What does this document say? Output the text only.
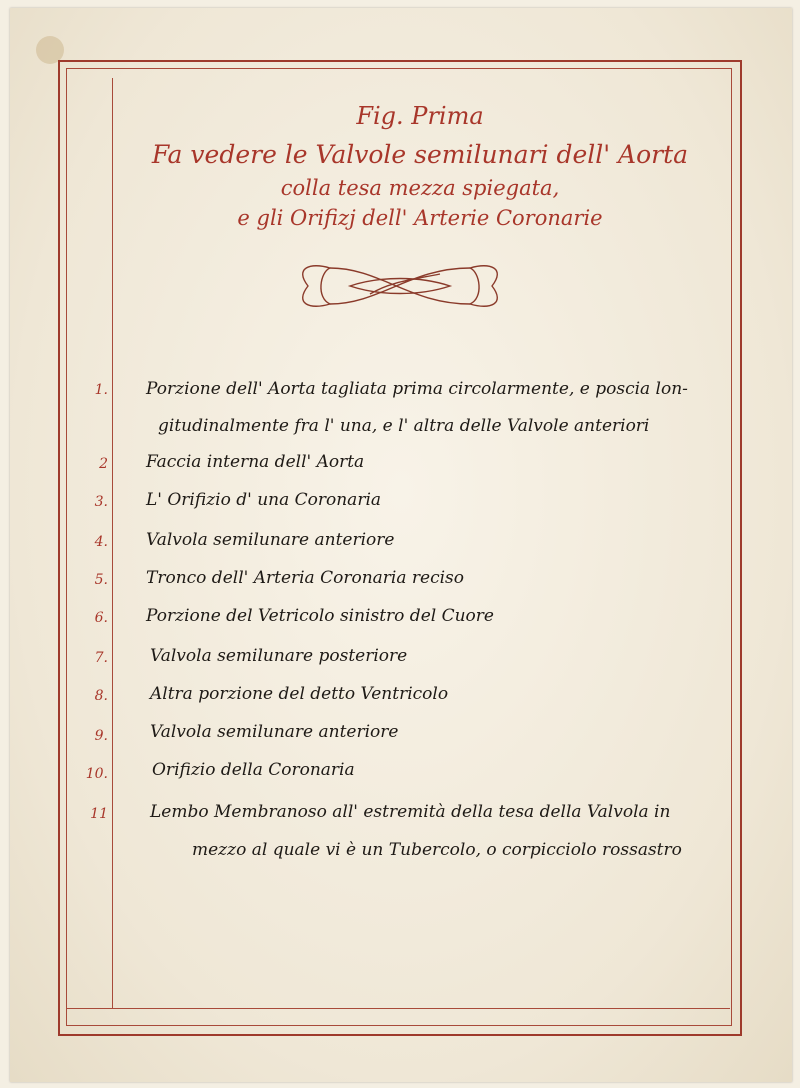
Fig. Prima
Fa vedere le Valvole semilunari dell' Aorta
colla tesa mezza spiegata,
e gli Orifizj dell' Arterie Coronarie
1. Porzione dell' Aorta tagliata prima circolarmente, e poscia lon-
gitudinalmente fra l' una, e l' altra delle Valvole anteriori
2 Faccia interna dell' Aorta
3. L' Orifizio d' una Coronaria
4. Valvola semilunare anteriore
5. Tronco dell' Arteria Coronaria reciso
6. Porzione del Vetricolo sinistro del Cuore
7. Valvola semilunare posteriore
8. Altra porzione del detto Ventricolo
9. Valvola semilunare anteriore
10.	Orifizio della Coronaria
11 Lembo Membranoso all' estremità della tesa della Valvola in
mezzo al quale vi è un Tubercolo, o corpicciolo rossastro
